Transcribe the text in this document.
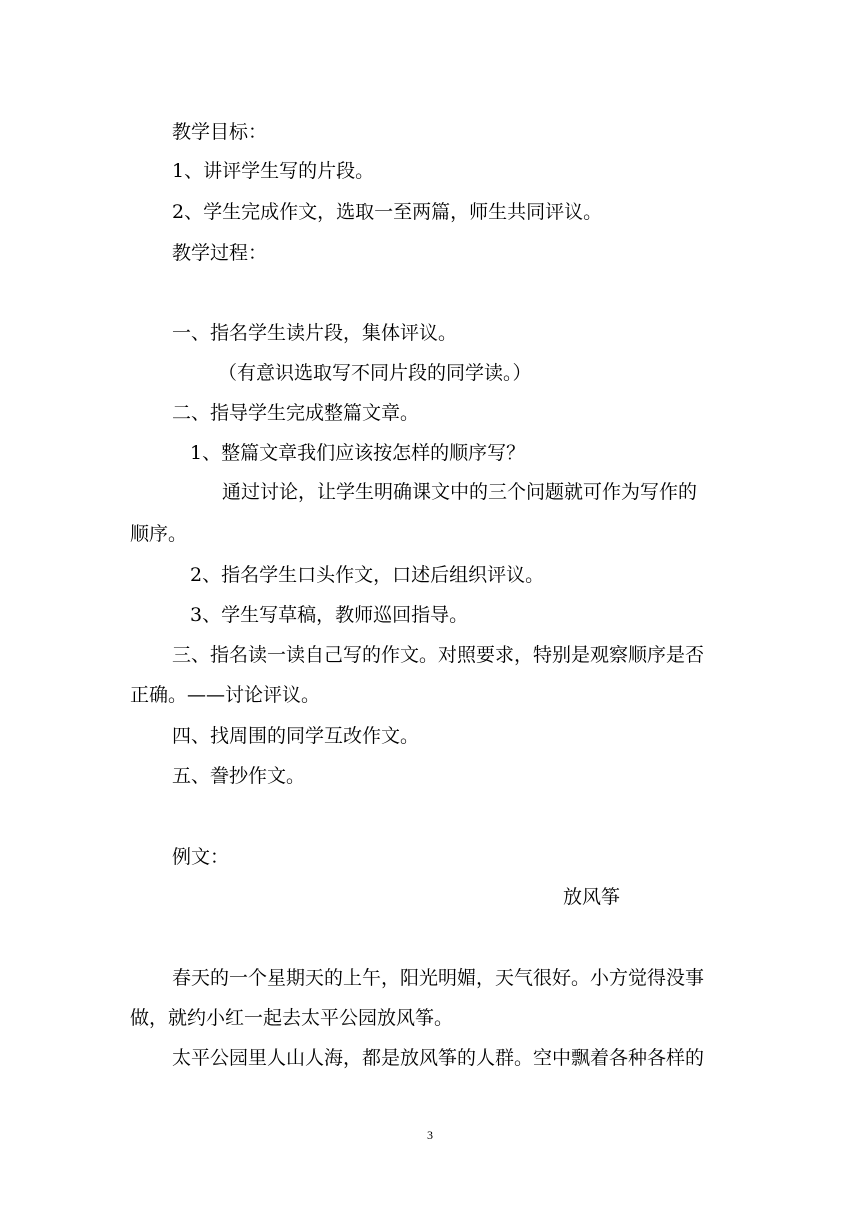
教学目标：

1、讲评学生写的片段。

2、学生完成作文，选取一至两篇，师生共同评议。

教学过程：

一、指名学生读片段，集体评议。

（有意识选取写不同片段的同学读。）

二、指导学生完成整篇文章。

1、整篇文章我们应该按怎样的顺序写？

通过讨论，让学生明确课文中的三个问题就可作为写作的

顺序。

2、指名学生口头作文，口述后组织评议。

3、学生写草稿，教师巡回指导。

三、指名读一读自己写的作文。对照要求，特别是观察顺序是否

正确。——讨论评议。

四、找周围的同学互改作文。

五、誊抄作文。

例文：

放风筝

春天的一个星期天的上午，阳光明媚，天气很好。小方觉得没事

做，就约小红一起去太平公园放风筝。

太平公园里人山人海，都是放风筝的人群。空中飘着各种各样的

3
